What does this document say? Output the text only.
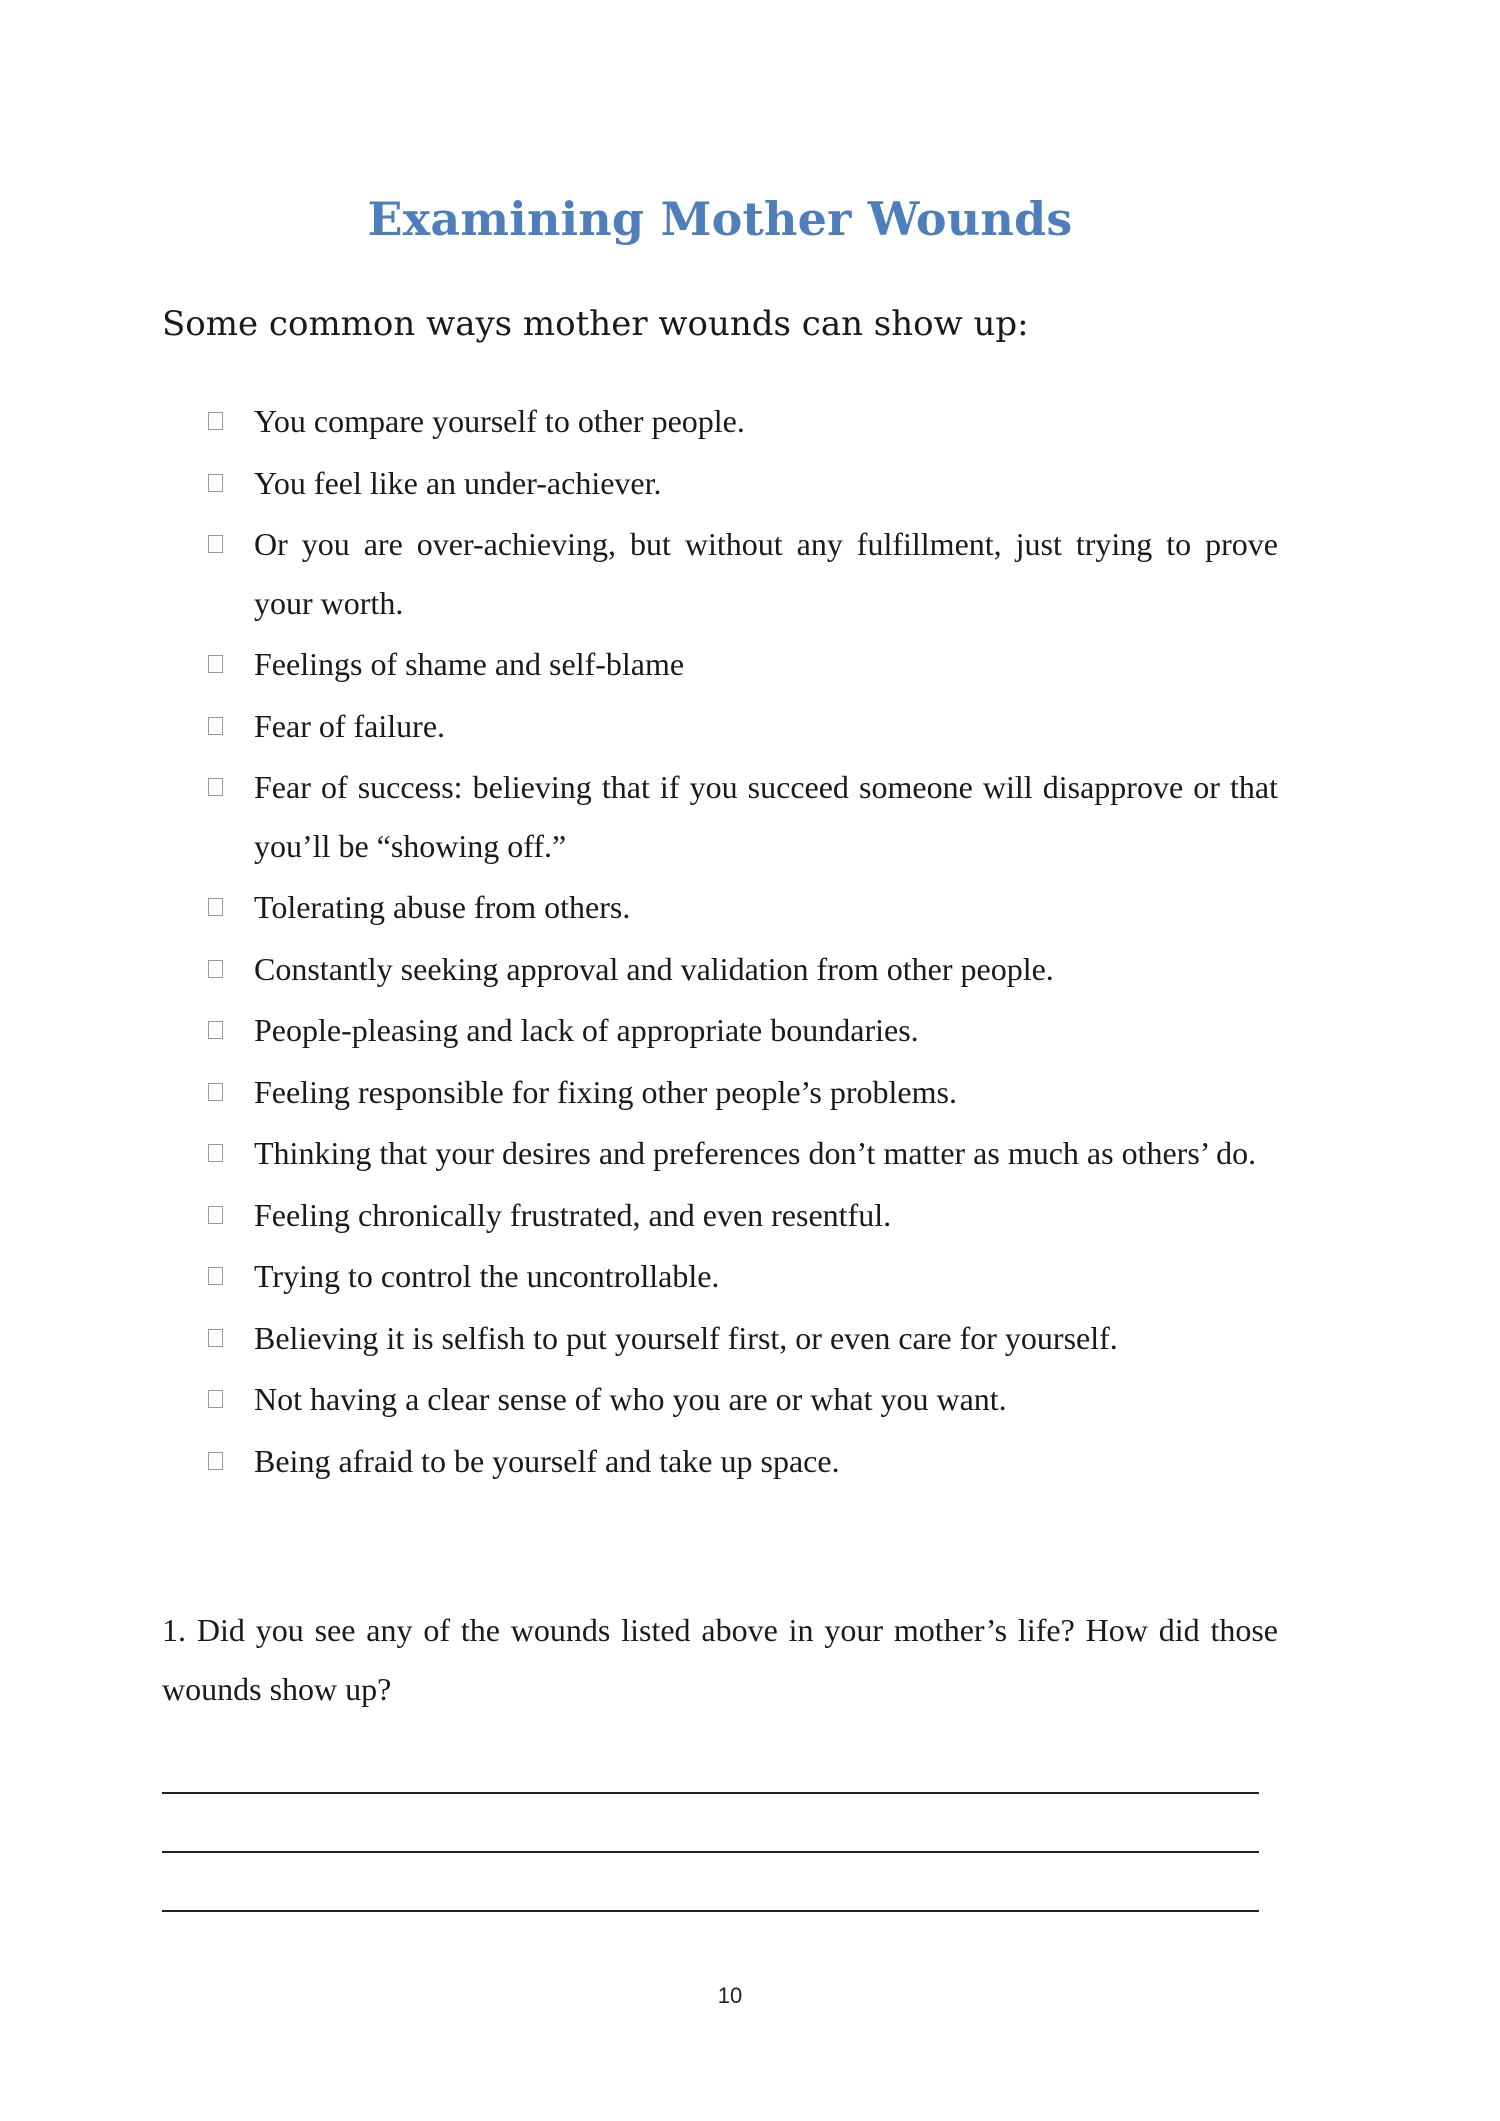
Examining Mother Wounds

Some common ways mother wounds can show up:

You compare yourself to other people.
You feel like an under-achiever.
Or you are over-achieving, but without any fulfillment, just trying to prove your worth.
Feelings of shame and self-blame
Fear of failure.
Fear of success: believing that if you succeed someone will disapprove or that you’ll be “showing off.”
Tolerating abuse from others.
Constantly seeking approval and validation from other people.
People-pleasing and lack of appropriate boundaries.
Feeling responsible for fixing other people’s problems.
Thinking that your desires and preferences don’t matter as much as others’ do.
Feeling chronically frustrated, and even resentful.
Trying to control the uncontrollable.
Believing it is selfish to put yourself first, or even care for yourself.
Not having a clear sense of who you are or what you want.
Being afraid to be yourself and take up space.

1. Did you see any of the wounds listed above in your mother’s life? How did those wounds show up?

10
